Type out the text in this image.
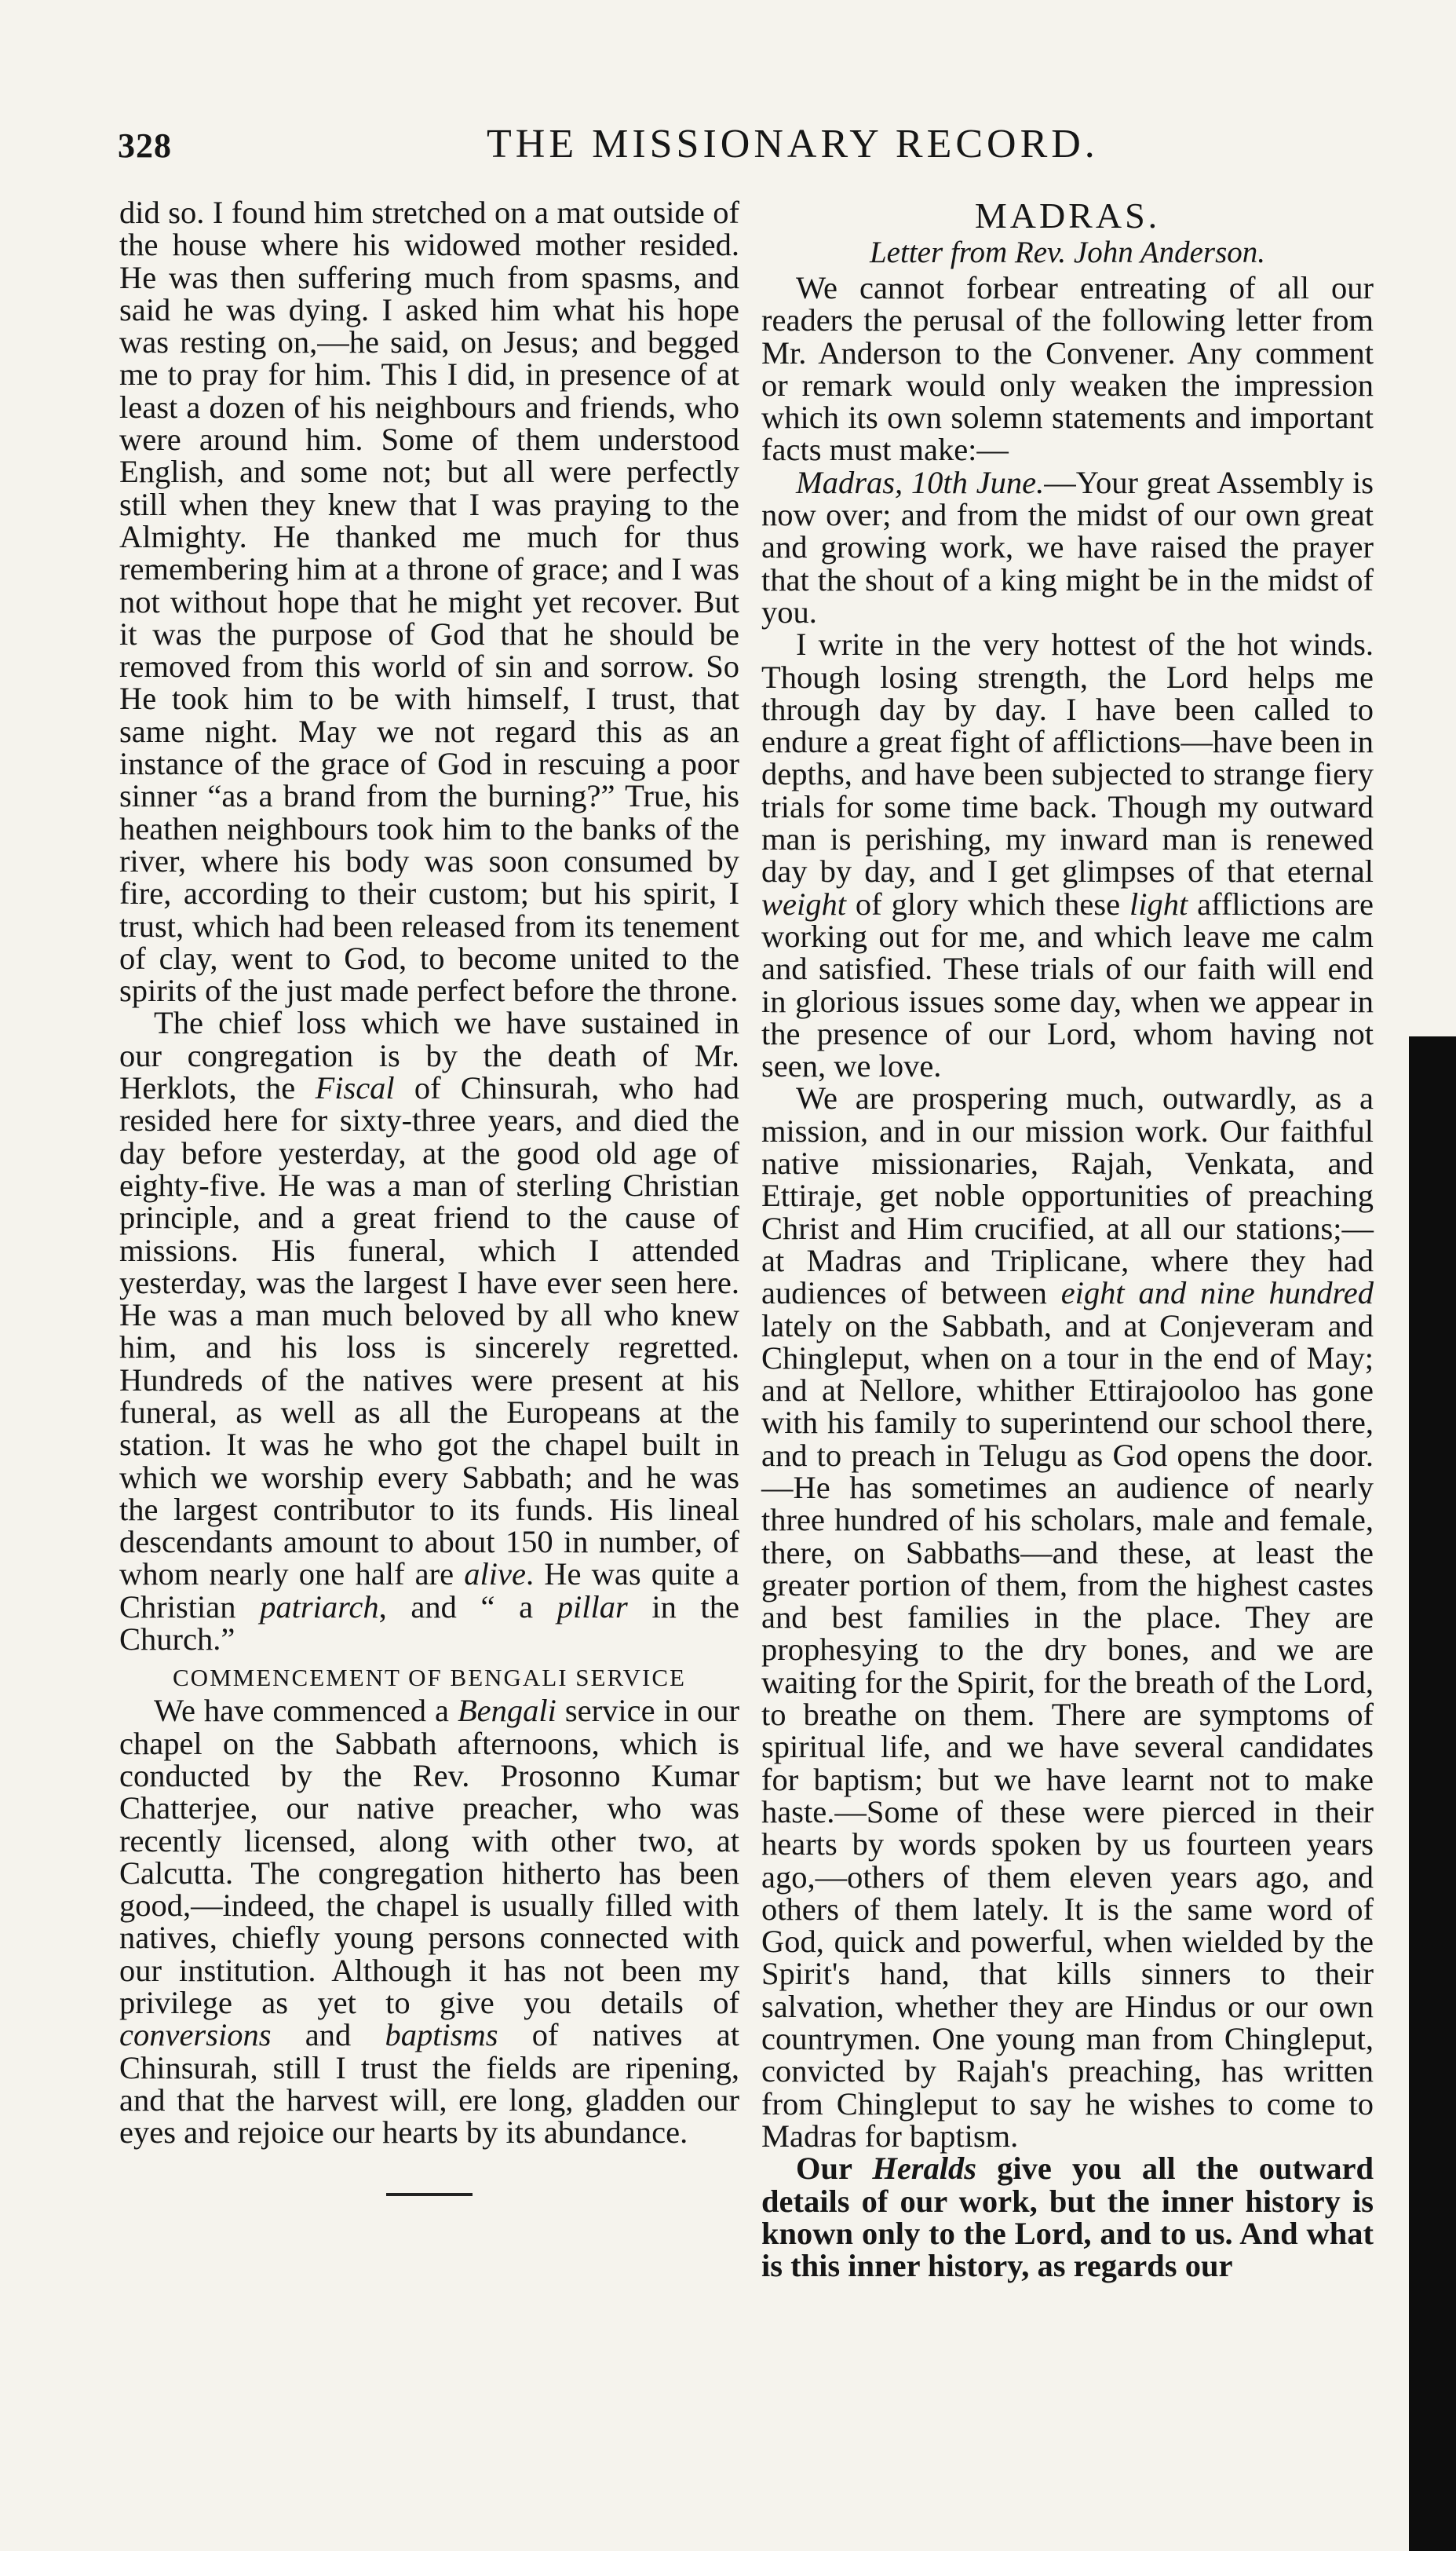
328	THE MISSIONARY RECORD.

did so. I found him stretched on a mat outside of the house where his widowed mother resided. He was then suffering much from spasms, and said he was dying. I asked him what his hope was resting on,—he said, on Jesus; and begged me to pray for him. This I did, in presence of at least a dozen of his neighbours and friends, who were around him. Some of them understood English, and some not; but all were perfectly still when they knew that I was praying to the Almighty. He thanked me much for thus remembering him at a throne of grace; and I was not without hope that he might yet recover. But it was the purpose of God that he should be removed from this world of sin and sorrow. So He took him to be with himself, I trust, that same night. May we not regard this as an instance of the grace of God in rescuing a poor sinner “as a brand from the burning?” True, his heathen neighbours took him to the banks of the river, where his body was soon consumed by fire, according to their custom; but his spirit, I trust, which had been released from its tenement of clay, went to God, to become united to the spirits of the just made perfect before the throne.

The chief loss which we have sustained in our congregation is by the death of Mr. Herklots, the Fiscal of Chinsurah, who had resided here for sixty-three years, and died the day before yesterday, at the good old age of eighty-five. He was a man of sterling Christian principle, and a great friend to the cause of missions. His funeral, which I attended yesterday, was the largest I have ever seen here. He was a man much beloved by all who knew him, and his loss is sincerely regretted. Hundreds of the natives were present at his funeral, as well as all the Europeans at the station. It was he who got the chapel built in which we worship every Sabbath; and he was the largest contributor to its funds. His lineal descendants amount to about 150 in number, of whom nearly one half are alive. He was quite a Christian patriarch, and “ a pillar in the Church.”

COMMENCEMENT OF BENGALI SERVICE

We have commenced a Bengali service in our chapel on the Sabbath afternoons, which is conducted by the Rev. Prosonno Kumar Chatterjee, our native preacher, who was recently licensed, along with other two, at Calcutta. The congregation hitherto has been good,—indeed, the chapel is usually filled with natives, chiefly young persons connected with our institution. Although it has not been my privilege as yet to give you details of conversions and baptisms of natives at Chinsurah, still I trust the fields are ripening, and that the harvest will, ere long, gladden our eyes and rejoice our hearts by its abundance.

MADRAS.
Letter from Rev. John Anderson.

We cannot forbear entreating of all our readers the perusal of the following letter from Mr. Anderson to the Convener. Any comment or remark would only weaken the impression which its own solemn statements and important facts must make:—

Madras, 10th June.—Your great Assembly is now over; and from the midst of our own great and growing work, we have raised the prayer that the shout of a king might be in the midst of you.

I write in the very hottest of the hot winds. Though losing strength, the Lord helps me through day by day. I have been called to endure a great fight of afflictions—have been in depths, and have been subjected to strange fiery trials for some time back. Though my outward man is perishing, my inward man is renewed day by day, and I get glimpses of that eternal weight of glory which these light afflictions are working out for me, and which leave me calm and satisfied. These trials of our faith will end in glorious issues some day, when we appear in the presence of our Lord, whom having not seen, we love.

We are prospering much, outwardly, as a mission, and in our mission work. Our faithful native missionaries, Rajah, Venkata, and Ettiraje, get noble opportunities of preaching Christ and Him crucified, at all our stations;—at Madras and Triplicane, where they had audiences of between eight and nine hundred lately on the Sabbath, and at Conjeveram and Chingleput, when on a tour in the end of May; and at Nellore, whither Ettirajooloo has gone with his family to superintend our school there, and to preach in Telugu as God opens the door.—He has sometimes an audience of nearly three hundred of his scholars, male and female, there, on Sabbaths—and these, at least the greater portion of them, from the highest castes and best families in the place. They are prophesying to the dry bones, and we are waiting for the Spirit, for the breath of the Lord, to breathe on them. There are symptoms of spiritual life, and we have several candidates for baptism; but we have learnt not to make haste.—Some of these were pierced in their hearts by words spoken by us fourteen years ago,—others of them eleven years ago, and others of them lately. It is the same word of God, quick and powerful, when wielded by the Spirit's hand, that kills sinners to their salvation, whether they are Hindus or our own countrymen. One young man from Chingleput, convicted by Rajah's preaching, has written from Chingleput to say he wishes to come to Madras for baptism.

Our Heralds give you all the outward details of our work, but the inner history is known only to the Lord, and to us. And what is this inner history, as regards our
